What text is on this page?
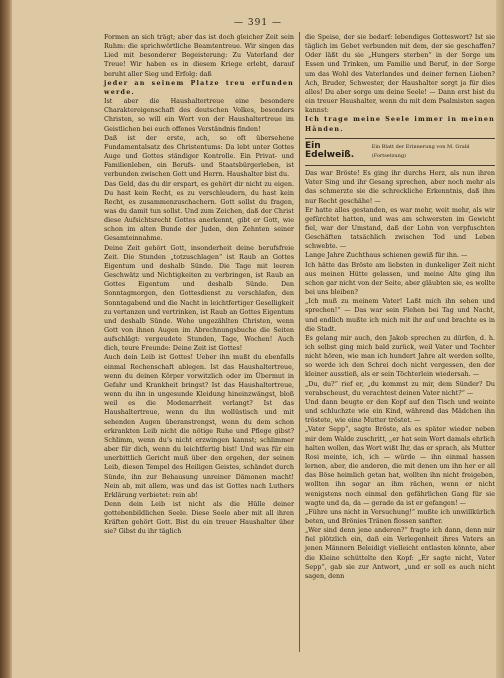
— 391 —

Formen an sich trägt; aber das ist doch gleicher Zeit sein Ruhm: die sprichwörtliche Beamtentreue. Wir singen das Lied mit besonderer Begeisterung: Zu Vaterland der Treue! Wir haben es in diesem Kriege erlebt, darauf beruht aller Sieg und Erfolg: daß

jeder an seinem Platze treu erfunden werde.

Ist aber die Haushaltertreue eine besondere Charaktereigenschaft des deutschen Volkes, besonders Christen, so will ein Wort von der Haushaltertreue im Geistlichen bei euch offenes Verständnis finden!

Daß ist der erste, ach, so oft übersehene Fundamentalsatz des Christentums: Da lebt unter Gottes Auge und Gottes ständiger Kontrolle. Ein Privat- und Familienleben, ein Berufs- und Staatsbürgerleben, ist verbunden zwischen Gott und Herrn. Haushalter bist du.

Das Geld, das du dir erspart, es gehört dir nicht zu eigen. Du hast kein Recht, es zu verschleudern, du hast kein Recht, es zusammenzuschachern. Gott sollst du fragen, was du damit tun sollst. Und zum Zeichen, daß der Christ diese Aufsichtsrecht Gottes anerkennt, gibt er Gott, wie schon im alten Bunde der Juden, den Zehnten seiner Gesamteinnahme.

Deine Zeit gehört Gott, insonderheit deine berufsfreie Zeit. Die Stunden „totzuschlagen“ ist Raub an Gottes Eigentum und deshalb Sünde. Die Tage mit leeren Geschwätz und Nichtigkeiten zu verbringen, ist Raub an Gottes Eigentum und deshalb Sünde. Den Sonntagmorgen, den Gottesdienst zu verschlafen, den Sonntagabend und die Nacht in leichtfertiger Geselligkeit zu vertanzen und vertrinken, ist Raub an Gottes Eigentum und deshalb Sünde. Wehe ungezählten Christen, wenn Gott von ihnen Augen im Abrechnungsbuche die Seiten aufschlägt: vergeudete Stunden, Tage, Wochen! Auch dich, teure Freunde: Deine Zeit ist Gottes!

Auch dein Leib ist Gottes! Ueber ihn mußt du ebenfalls einmal Rechenschaft ablegen. Ist das Haushaltertreue, wenn du deinen Körper vorwitzlich oder im Übermut in Gefahr und Krankheit bringst? Ist das Haushaltertreue, wenn du ihn in ungesunde Kleidung hineinzwängst, bloß weil es die Modenarrheit verlangt? Ist das Haushaltertreue, wenn du ihn wollüstisch und mit sehenden Augen überanstrengst, wenn du dem schon erkrankten Leib nicht die nötige Ruhe und Pflege gibst? Schlimm, wenn du’s nicht erzwingen kannst; schlimmer aber für dich, wenn du leichtfertig bist! Und was für ein unerbittlich Gericht muß über den ergehen, der seinen Leib, diesen Tempel des Heiligen Geistes, schändet durch Sünde, ihn zur Behausung unreiner Dämonen macht! Nein ab, mit allem, was und das ist Gottes nach Luthers Erklärung verbietet: rein ab!

Denn dein Leib ist nicht als die Hülle deiner gottebenbildlichen Seele. Diese Seele aber mit all ihren Kräften gehört Gott. Bist du ein treuer Haushalter über sie? Gibst du ihr täglich

die Speise, der sie bedarf: lebendiges Gotteswort? Ist sie täglich im Gebet verbunden mit dem, der sie geschaffen? Oder läßt du sie „Hungers sterben“ in der Sorge um Essen und Trinken, um Familie und Beruf, in der Sorge um das Wohl des Vaterlandes und deiner fernen Lieben? Ach, Bruder, Schwester, der Haushalter sorgt ja für dies alles! Du aber sorge um deine Seele! — Dann erst bist du ein treuer Haushalter, wenn du mit dem Psalmisten sagen kannst:

Ich trage meine Seele immer in meinen Händen.

Ein Edelweiß.
Ein Blatt der Erinnerung von M. Grabl (Fortsetzung)

Das war Bröste! Es ging ihr durchs Herz, als nun ihren Vater Sing und ihr Gesang sprechen, aber noch mehr als das schmerzte sie die schreckliche Erkenntnis, daß ihm nur Recht geschähe! —

Er hatte alles gestanden, es war mehr, weit mehr, als wir gefürchtet hatten, und was am schwersten im Gewicht fiel, war der Umstand, daß der Lohn von verpfuschten Geschäften tatsächlich zwischen Tod und Leben schwebte. —

Lange Jahre Zuchthaus schienen gewiß für ihn. —

Ich hätte das Bröste am liebsten in dunkeliger Zeit nicht aus meinen Hütte gelassen, und meine Alte ging ihn schon gar nicht von der Seite, aber gläubten sie, es wollte bei uns bleiben?

„Ich muß zu meinem Vater! Laßt mich ihn sehen und sprechen!“ — Das war sein Flehen bei Tag und Nacht, und endlich mußte ich mich mit ihr auf und brachte es in die Stadt.

Es gelang mir auch, den Jakob sprechen zu dürfen, d. h. ich selbst ging mich bald zurück, weil Vater und Tochter nicht hören, wie man ich hundert Jahre alt werden sollte, so werde ich den Schrei doch nicht vergessen, den der kleiner ausstieß, als er sein Töchterlein wiedersah. —

„Du, du?“ rief er, „du kommst zu mir, dem Sünder? Du verabscheust, du verachtest deinen Vater nicht?“ —

Und dann beugte er den Kopf auf den Tisch und weinte und schluchzte wie ein Kind, während das Mädchen ihn tröstete, wie eine Mutter tröstet. —

„Vater Sepp“, sagte Bröste, als es später wieder neben mir dem Walde zuschritt, „er hat sein Wort damals ehrlich halten wollen, das Wort wißt Ihr, das er sprach, als Mutter Rosi meinte, ich, ich — würde — ihn einmal hassen lernen, aber, die anderen, die mit denen um ihn her er all das Böse heimlich getan hat, wollten ihn nicht freigeben, wollten ihn sogar an ihm rächen, wenn er nicht wenigstens noch einmal den gefährlichen Gang für sie wagte und da, da — gerade da ist er gefangen! —

„Führe uns nicht in Versuchung!“ mußte ich unwillkürlich beten, und Brönies Tränen flossen sanfter.

„Wer sind denn jene anderen?“ fragte ich dann, denn mir fiel plötzlich ein, daß ein Verlegenheit ihres Vaters an jenen Männern Beleidigt vielleicht entlasten könnte, aber die Kleine schüttelte den Kopf: „Er sagte nicht, Vater Sepp“, gab sie zur Antwort, „und er soll es auch nicht sagen, denn
